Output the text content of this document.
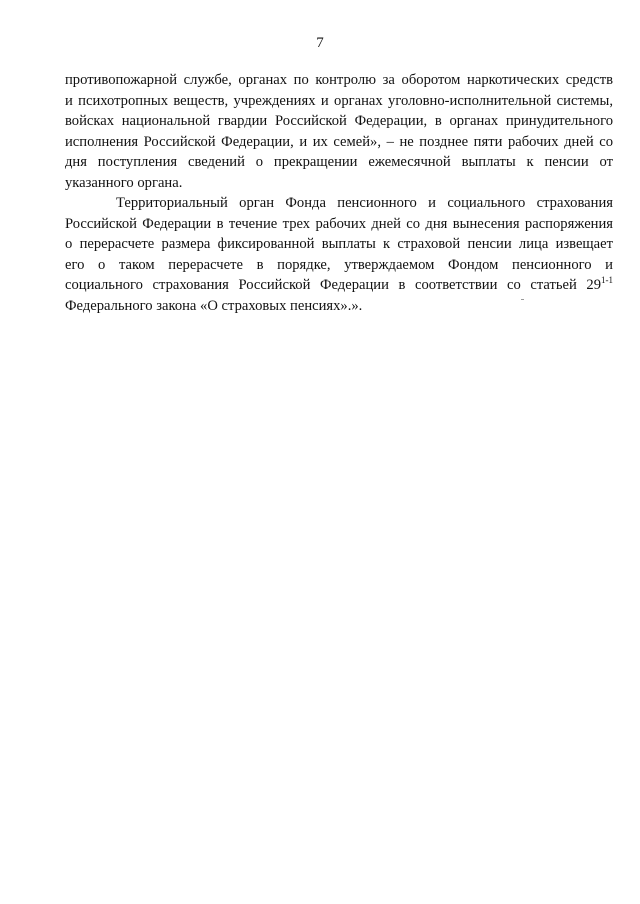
7

противопожарной службе, органах по контролю за оборотом наркотических средств
и психотропных веществ, учреждениях и органах уголовно-исполнительной системы,
войсках национальной гвардии Российской Федерации, в органах принудительного
исполнения Российской Федерации, и их семей», – не позднее пяти рабочих дней со
дня поступления сведений о прекращении ежемесячной выплаты к пенсии от
указанного органа.

Территориальный орган Фонда пенсионного и социального страхования
Российской Федерации в течение трех рабочих дней со дня вынесения распоряжения
о перерасчете размера фиксированной выплаты к страховой пенсии лица извещает
его о таком перерасчете в порядке, утверждаемом Фондом пенсионного и
социального страхования Российской Федерации в соответствии со статьей 29$^{1-1}$
Федерального закона «О страховых пенсиях».».
